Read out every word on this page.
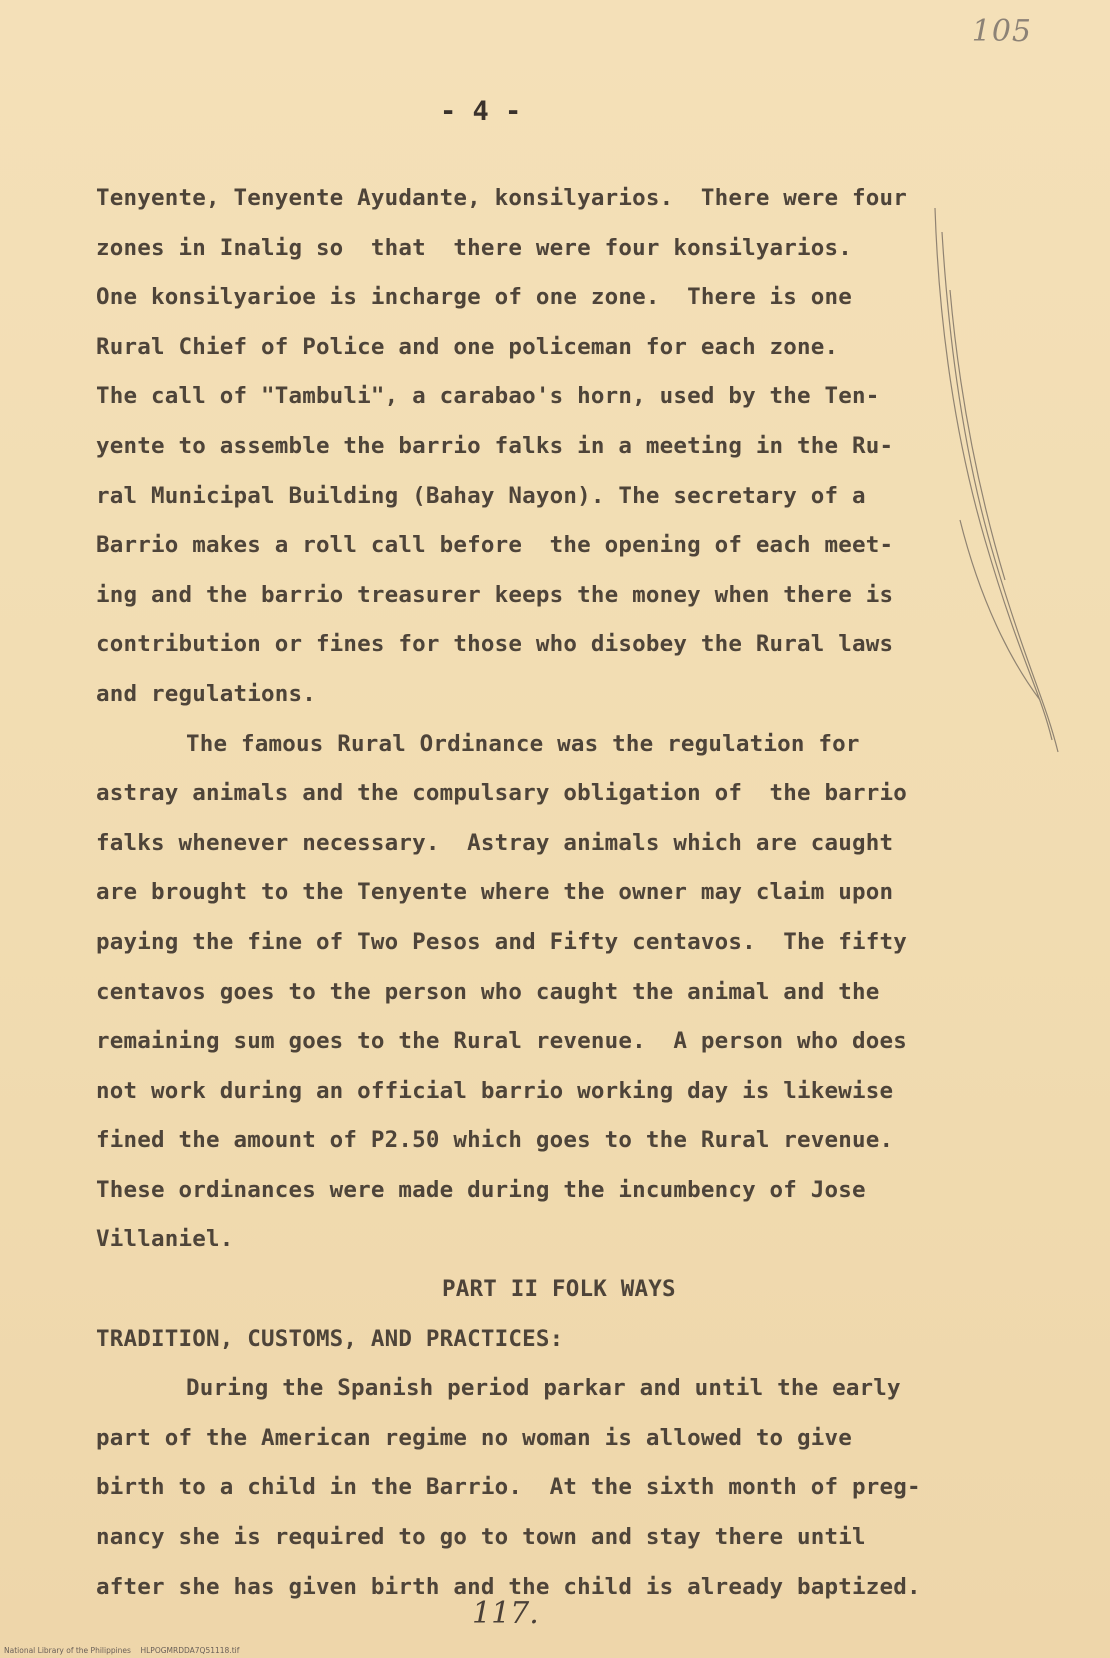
105
- 4 -
Tenyente, Tenyente Ayudante, konsilyarios.  There were four
zones in Inalig so  that  there were four konsilyarios.
One konsilyarioe is incharge of one zone.  There is one
Rural Chief of Police and one policeman for each zone.
The call of "Tambuli", a carabao's horn, used by the Ten-
yente to assemble the barrio falks in a meeting in the Ru-
ral Municipal Building (Bahay Nayon). The secretary of a
Barrio makes a roll call before  the opening of each meet-
ing and the barrio treasurer keeps the money when there is
contribution or fines for those who disobey the Rural laws
and regulations.
The famous Rural Ordinance was the regulation for
astray animals and the compulsary obligation of  the barrio
falks whenever necessary.  Astray animals which are caught
are brought to the Tenyente where the owner may claim upon
paying the fine of Two Pesos and Fifty centavos.  The fifty
centavos goes to the person who caught the animal and the
remaining sum goes to the Rural revenue.  A person who does
not work during an official barrio working day is likewise
fined the amount of P2.50 which goes to the Rural revenue.
These ordinances were made during the incumbency of Jose
Villaniel.
PART II FOLK WAYS
TRADITION, CUSTOMS, AND PRACTICES:
During the Spanish period parkar and until the early
part of the American regime no woman is allowed to give
birth to a child in the Barrio.  At the sixth month of preg-
nancy she is required to go to town and stay there until
after she has given birth and the child is already baptized.
117.
National Library of the Philippines    HLPOGMRDDA7Q51118.tif
